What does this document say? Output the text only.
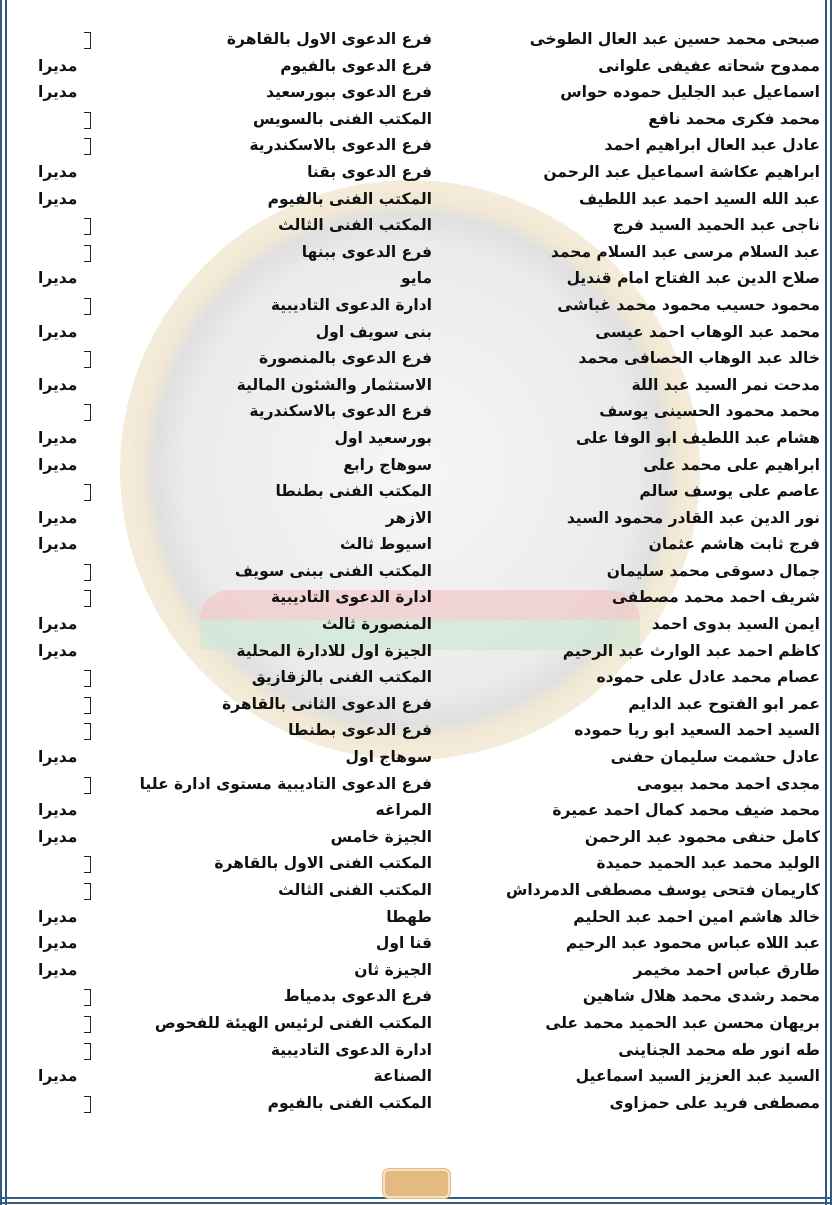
صبحى محمد حسين عبد العال الطوخى
فرع الدعوى الاول بالقاهرة
ممدوح شحاته عفيفى علوانى
فرع الدعوى بالفيوم
مديرا
اسماعيل عبد الجليل حموده حواس
فرع الدعوى ببورسعيد
مديرا
محمد فكرى محمد نافع
المكتب الفنى بالسويس
عادل عبد العال ابراهيم احمد
فرع الدعوى بالاسكندرية
ابراهيم عكاشة اسماعيل عبد الرحمن
فرع الدعوى بقنا
مديرا
عبد الله السيد احمد عبد اللطيف
المكتب الفنى بالفيوم
مديرا
ناجى عبد الحميد السيد فرج
المكتب الفنى الثالث
عبد السلام مرسى عبد السلام محمد
فرع الدعوى ببنها
صلاح الدين عبد الفتاح امام قنديل
مايو
مديرا
محمود حسيب محمود محمد غباشى
ادارة الدعوى التاديبية
محمد عبد الوهاب احمد عيسى
بنى سويف اول
مديرا
خالد عبد الوهاب الحصافى محمد
فرع الدعوى بالمنصورة
مدحت نمر السيد عبد اللة
الاستثمار والشئون المالية
مديرا
محمد محمود الحسينى يوسف
فرع الدعوى بالاسكندرية
هشام عبد اللطيف ابو الوفا على
بورسعيد اول
مديرا
ابراهيم على محمد على
سوهاج رابع
مديرا
عاصم على يوسف سالم
المكتب الفنى بطنطا
نور الدين عبد القادر محمود السيد
الازهر
مديرا
فرج ثابت هاشم عثمان
اسيوط ثالث
مديرا
جمال دسوقى محمد سليمان
المكتب الفنى ببنى سويف
شريف احمد محمد مصطفى
ادارة الدعوى التاديبية
ايمن السيد بدوى احمد
المنصورة ثالث
مديرا
كاظم احمد عبد الوارث عبد الرحيم
الجيزة اول للادارة المحلية
مديرا
عصام محمد عادل على حموده
المكتب الفنى بالزقازيق
عمر ابو الفتوح عبد الدايم
فرع الدعوى الثانى بالقاهرة
السيد احمد السعيد ابو ريا حموده
فرع الدعوى بطنطا
عادل حشمت سليمان حفنى
سوهاج اول
مديرا
مجدى احمد محمد بيومى
فرع الدعوى التاديبية مستوى ادارة عليا
محمد ضيف محمد كمال احمد عميرة
المراغه
مديرا
كامل حنفى محمود عبد الرحمن
الجيزة خامس
مديرا
الوليد محمد عبد الحميد حميدة
المكتب الفنى الاول بالقاهرة
كاريمان فتحى يوسف مصطفى الدمرداش
المكتب الفنى الثالث
خالد هاشم امين احمد عبد الحليم
طهطا
مديرا
عبد اللاه عباس محمود عبد الرحيم
قنا اول
مديرا
طارق عباس احمد مخيمر
الجيزة ثان
مديرا
محمد رشدى محمد هلال شاهين
فرع الدعوى بدمياط
بريهان محسن عبد الحميد محمد على
المكتب الفنى لرئيس الهيئة للفحوص
طه انور طه محمد الجناينى
ادارة الدعوى التاديبية
السيد عبد العزيز السيد اسماعيل
الصناعة
مديرا
مصطفى فريد على حمزاوى
المكتب الفنى بالفيوم
